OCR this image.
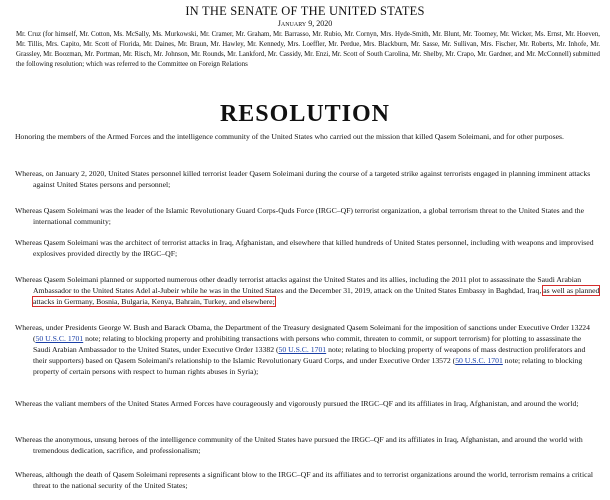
IN THE SENATE OF THE UNITED STATES
January 9, 2020
Mr. Cruz (for himself, Mr. Cotton, Ms. McSally, Ms. Murkowski, Mr. Cramer, Mr. Graham, Mr. Barrasso, Mr. Rubio, Mr. Cornyn, Mrs. Hyde-Smith, Mr. Blunt, Mr. Toomey, Mr. Wicker, Ms. Ernst, Mr. Hoeven, Mr. Tillis, Mrs. Capito, Mr. Scott of Florida, Mr. Daines, Mr. Braun, Mr. Hawley, Mr. Kennedy, Mrs. Loeffler, Mr. Perdue, Mrs. Blackburn, Mr. Sasse, Mr. Sullivan, Mrs. Fischer, Mr. Roberts, Mr. Inhofe, Mr. Grassley, Mr. Boozman, Mr. Portman, Mr. Risch, Mr. Johnson, Mr. Rounds, Mr. Lankford, Mr. Cassidy, Mr. Enzi, Mr. Scott of South Carolina, Mr. Shelby, Mr. Crapo, Mr. Gardner, and Mr. McConnell) submitted the following resolution; which was referred to the Committee on Foreign Relations
RESOLUTION
Honoring the members of the Armed Forces and the intelligence community of the United States who carried out the mission that killed Qasem Soleimani, and for other purposes.
Whereas, on January 2, 2020, United States personnel killed terrorist leader Qasem Soleimani during the course of a targeted strike against terrorists engaged in planning imminent attacks against United States persons and personnel;
Whereas Qasem Soleimani was the leader of the Islamic Revolutionary Guard Corps-Quds Force (IRGC–QF) terrorist organization, a global terrorism threat to the United States and the international community;
Whereas Qasem Soleimani was the architect of terrorist attacks in Iraq, Afghanistan, and elsewhere that killed hundreds of United States personnel, including with weapons and improvised explosives provided directly by the IRGC–QF;
Whereas Qasem Soleimani planned or supported numerous other deadly terrorist attacks against the United States and its allies, including the 2011 plot to assassinate the Saudi Arabian Ambassador to the United States Adel al-Jubeir while he was in the United States and the December 31, 2019, attack on the United States Embassy in Baghdad, Iraq, as well as planned attacks in Germany, Bosnia, Bulgaria, Kenya, Bahrain, Turkey, and elsewhere;
Whereas, under Presidents George W. Bush and Barack Obama, the Department of the Treasury designated Qasem Soleimani for the imposition of sanctions under Executive Order 13224 (50 U.S.C. 1701 note; relating to blocking property and prohibiting transactions with persons who commit, threaten to commit, or support terrorism) for plotting to assassinate the Saudi Arabian Ambassador to the United States, under Executive Order 13382 (50 U.S.C. 1701 note; relating to blocking property of weapons of mass destruction proliferators and their supporters) based on Qasem Soleimani's relationship to the Islamic Revolutionary Guard Corps, and under Executive Order 13572 (50 U.S.C. 1701 note; relating to blocking property of certain persons with respect to human rights abuses in Syria);
Whereas the valiant members of the United States Armed Forces have courageously and vigorously pursued the IRGC–QF and its affiliates in Iraq, Afghanistan, and around the world;
Whereas the anonymous, unsung heroes of the intelligence community of the United States have pursued the IRGC–QF and its affiliates in Iraq, Afghanistan, and around the world with tremendous dedication, sacrifice, and professionalism;
Whereas, although the death of Qasem Soleimani represents a significant blow to the IRGC–QF and its affiliates and to terrorist organizations around the world, terrorism remains a critical threat to the national security of the United States;
